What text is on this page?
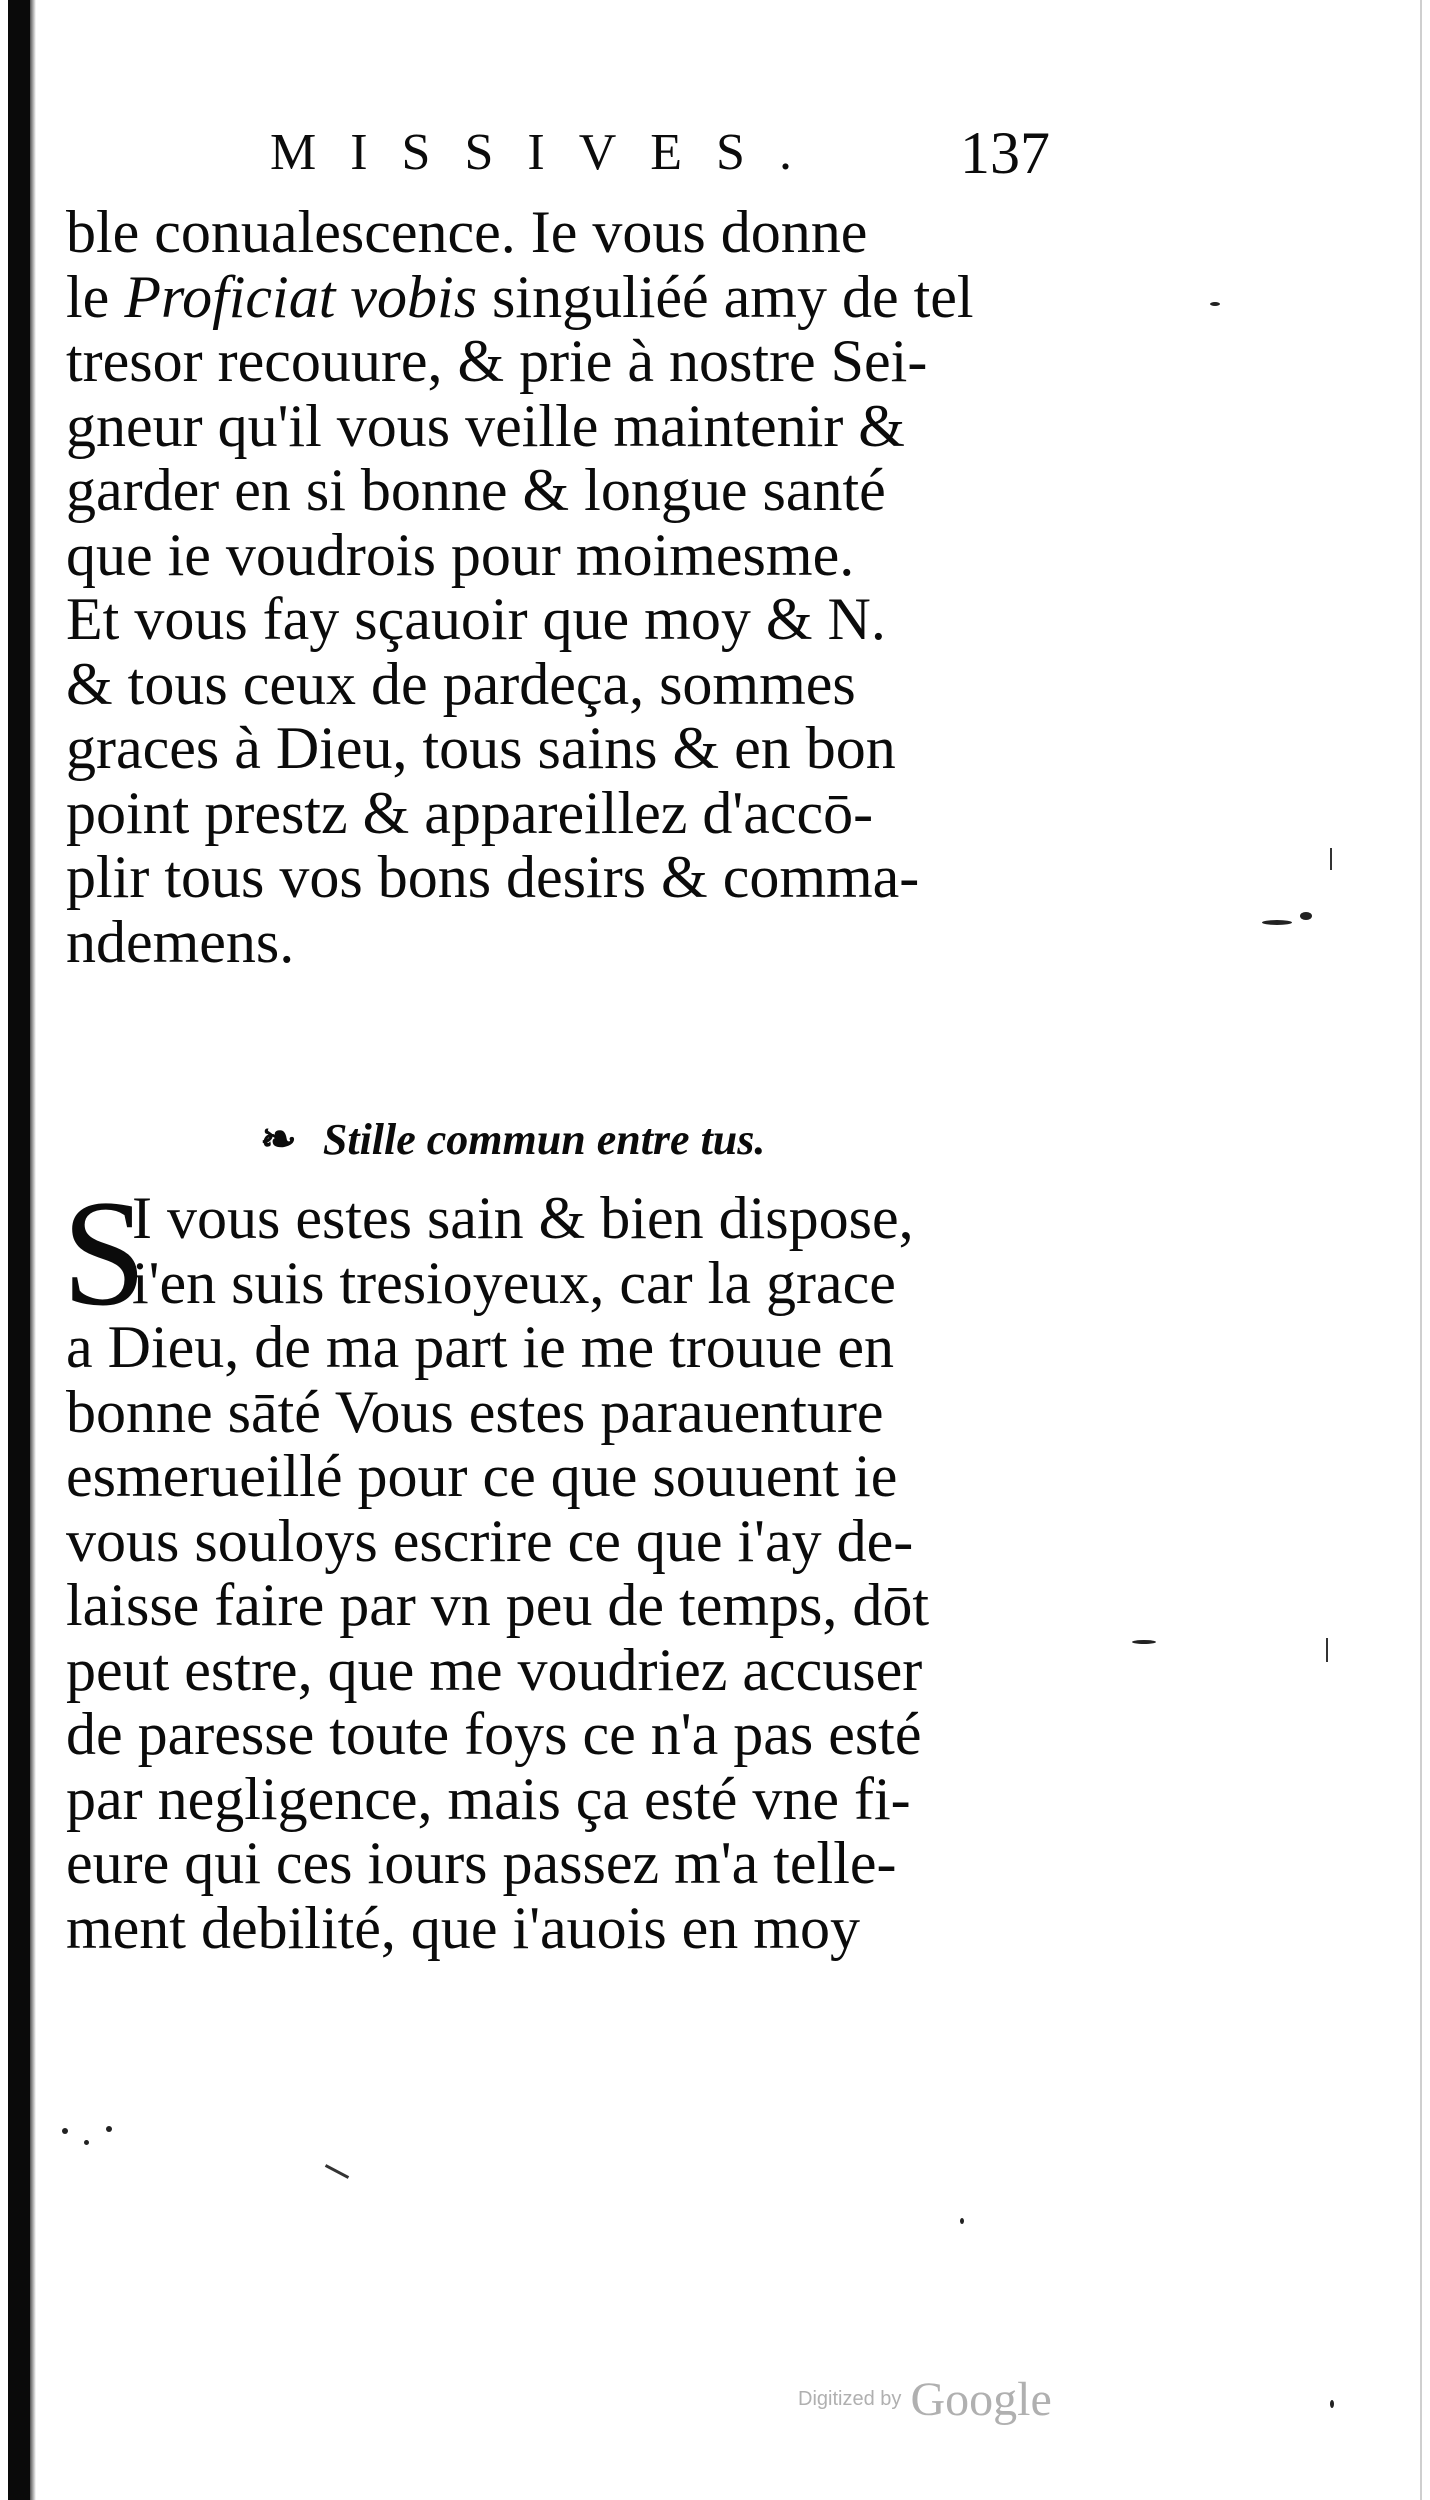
MISSIVES. 137
ble conualescence. Ie vous donne
le Proficiat vobis singuliéé amy de tel
tresor recouure, & prie à nostre Sei-
gneur qu'il vous veille maintenir &
garder en si bonne & longue santé
que ie voudrois pour moimesme.
Et vous fay sçauoir que moy & N.
& tous ceux de pardeça, sommes
graces à Dieu, tous sains & en bon
point prestz & appareillez d'accō-
plir tous vos bons desirs & comma-
ndemens.
❧ Stille commun entre tus.
S
I vous estes sain & bien dispose,
i'en suis tresioyeux, car la grace
a Dieu, de ma part ie me trouue en
bonne sāté Vous estes parauenture
esmerueillé pour ce que souuent ie
vous souloys escrire ce que i'ay de-
laisse faire par vn peu de temps, dōt
peut estre, que me voudriez accuser
de paresse toute foys ce n'a pas esté
par negligence, mais ça esté vne fi-
eure qui ces iours passez m'a telle-
ment debilité, que i'auois en moy
Digitized by Google
